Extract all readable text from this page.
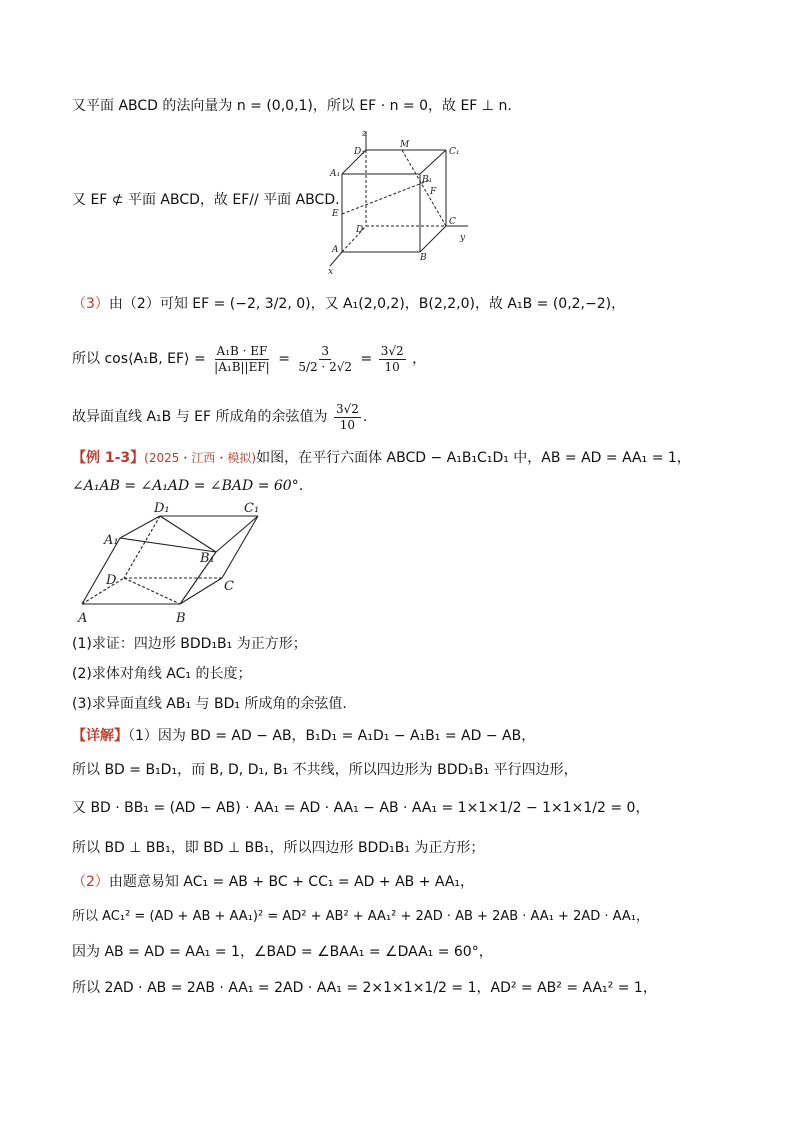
又平面 ABCD 的法向量为 n = (0,0,1)，所以 EF · n = 0，故 EF ⊥ n.
z
D₁
M
C₁
A₁
B₁
F
E
D
C
y
A
B
x
又 EF ⊄ 平面 ABCD，故 EF// 平面 ABCD.
（3）由（2）可知 EF = (−2, 3/2, 0)，又 A₁(2,0,2)，B(2,2,0)，故 A₁B = (0,2,−2)，
所以 cos⟨A₁B, EF⟩ = $\frac{\text{A₁B · EF}}{\text{|A₁B||EF|}} = \frac{3}{5/2 \cdot 2√2} = \frac{3√2}{10}$ ，
故异面直线 A₁B 与 EF 所成角的余弦值为 $\frac{3√2}{10}$ .
【例 1-3】(2025・江西・模拟)如图，在平行六面体 ABCD − A₁B₁C₁D₁ 中，AB = AD = AA₁ = 1，
∠A₁AB = ∠A₁AD = ∠BAD = 60°.
D₁	C₁
A₁
B₁
D	C
A	B
(1)求证：四边形 BDD₁B₁ 为正方形；
(2)求体对角线 AC₁ 的长度；
(3)求异面直线 AB₁ 与 BD₁ 所成角的余弦值.
【详解】（1）因为 BD = AD − AB，B₁D₁ = A₁D₁ − A₁B₁ = AD − AB，
所以 BD = B₁D₁，而 B, D, D₁, B₁ 不共线，所以四边形为 BDD₁B₁ 平行四边形，
又 BD · BB₁ = (AD − AB) · AA₁ = AD · AA₁ − AB · AA₁ = 1×1×1/2 − 1×1×1/2 = 0，
所以 BD ⊥ BB₁，即 BD ⊥ BB₁，所以四边形 BDD₁B₁ 为正方形；
（2）由题意易知 AC₁ = AB + BC + CC₁ = AD + AB + AA₁，
所以 AC₁² = (AD + AB + AA₁)² = AD² + AB² + AA₁² + 2AD · AB + 2AB · AA₁ + 2AD · AA₁，
因为 AB = AD = AA₁ = 1，∠BAD = ∠BAA₁ = ∠DAA₁ = 60°，
所以 2AD · AB = 2AB · AA₁ = 2AD · AA₁ = 2×1×1×1/2 = 1，AD² = AB² = AA₁² = 1，
